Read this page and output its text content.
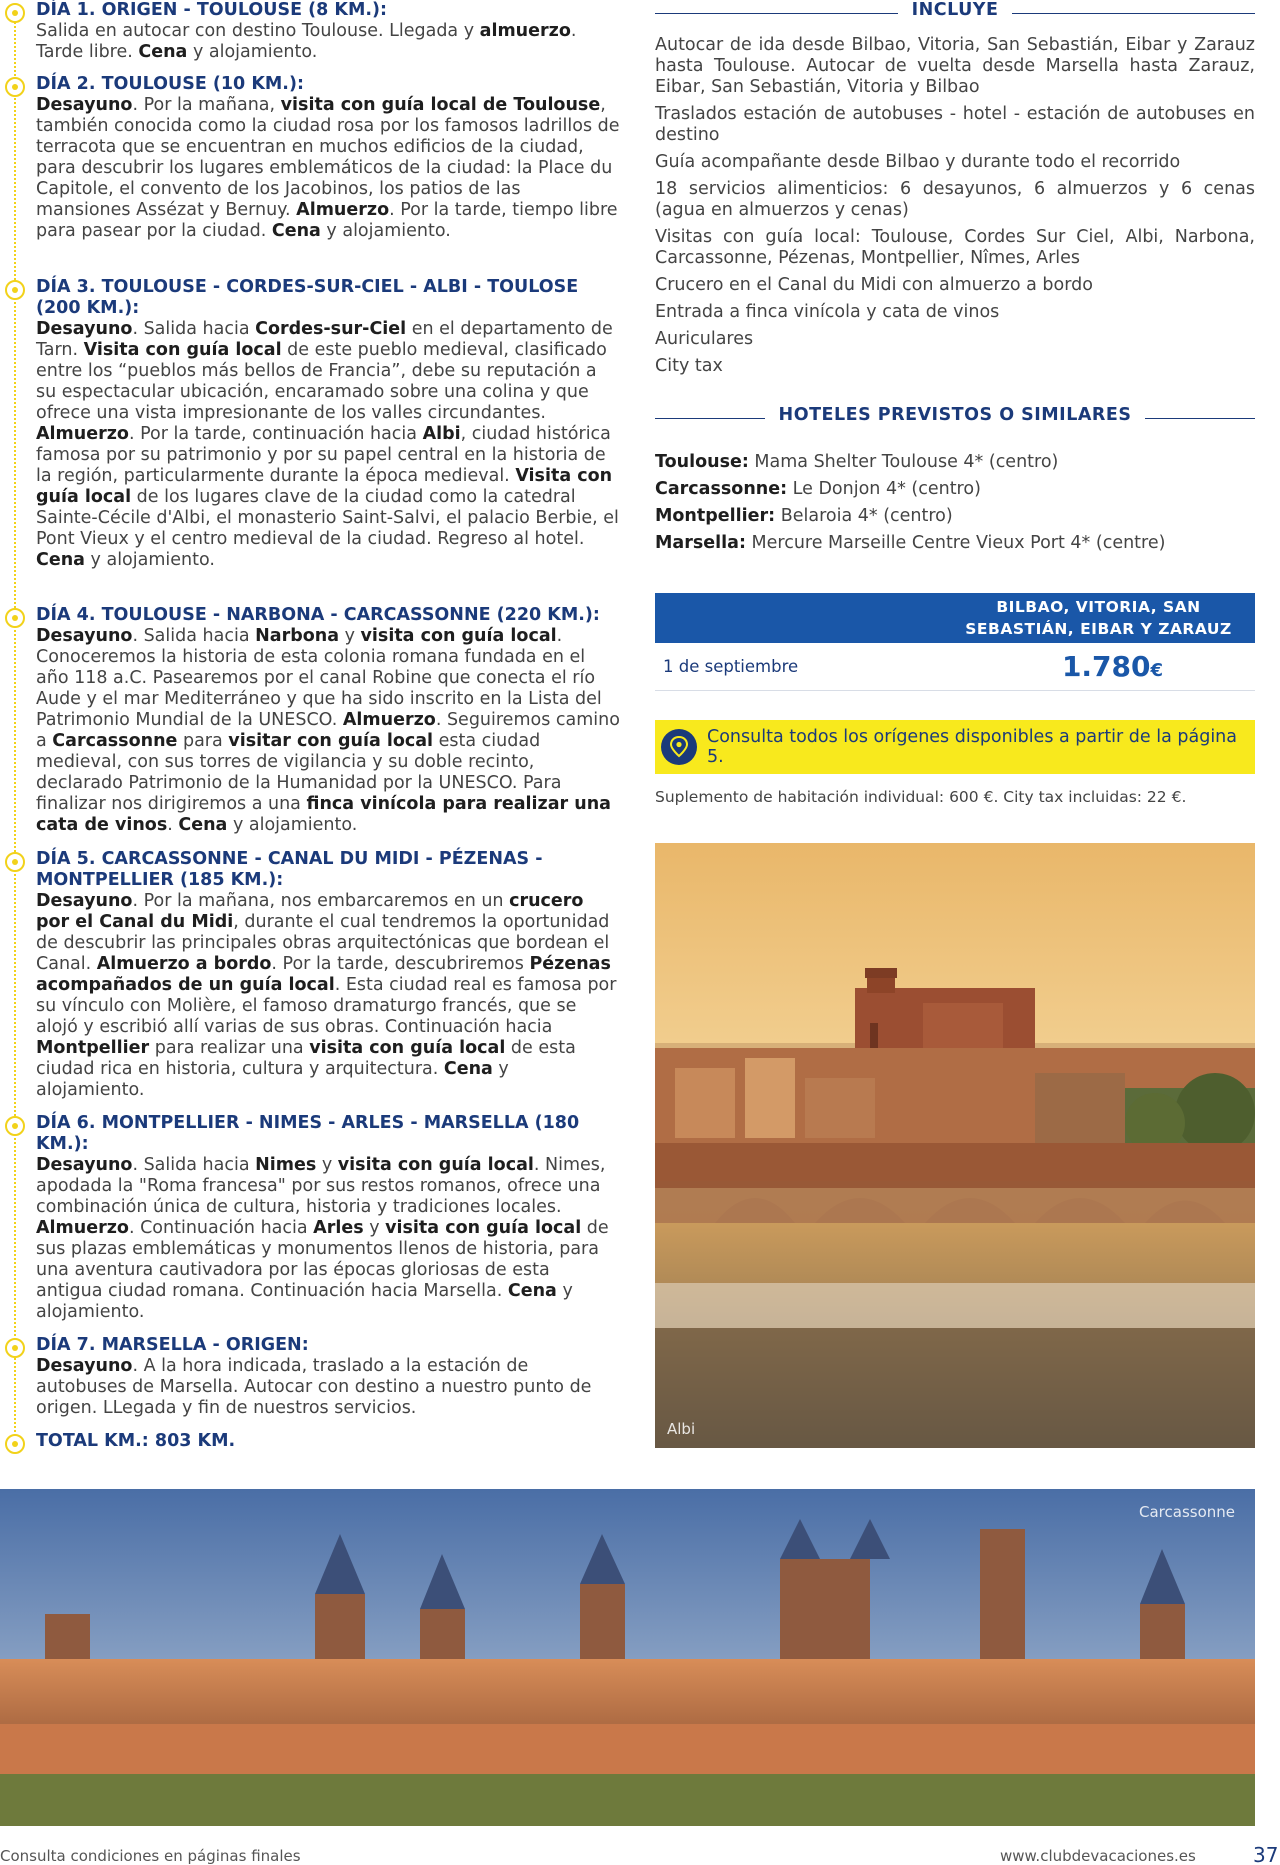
DÍA 1. ORIGEN - TOULOUSE (8 KM.):
Salida en autocar con destino Toulouse. Llegada y almuerzo. Tarde libre. Cena y alojamiento.
DÍA 2. TOULOUSE (10 KM.):
Desayuno. Por la mañana, visita con guía local de Toulouse, también conocida como la ciudad rosa por los famosos ladrillos de terracota que se encuentran en muchos edificios de la ciudad, para descubrir los lugares emblemáticos de la ciudad: la Place du Capitole, el convento de los Jacobinos, los patios de las mansiones Assézat y Bernuy. Almuerzo. Por la tarde, tiempo libre para pasear por la ciudad. Cena y alojamiento.
DÍA 3. TOULOUSE - CORDES-SUR-CIEL - ALBI - TOULOSE (200 KM.):
Desayuno. Salida hacia Cordes-sur-Ciel en el departamento de Tarn. Visita con guía local de este pueblo medieval, clasificado entre los “pueblos más bellos de Francia”, debe su reputación a su espectacular ubicación, encaramado sobre una colina y que ofrece una vista impresionante de los valles circundantes. Almuerzo. Por la tarde, continuación hacia Albi, ciudad histórica famosa por su patrimonio y por su papel central en la historia de la región, particularmente durante la época medieval. Visita con guía local de los lugares clave de la ciudad como la catedral Sainte-Cécile d'Albi, el monasterio Saint-Salvi, el palacio Berbie, el Pont Vieux y el centro medieval de la ciudad. Regreso al hotel. Cena y alojamiento.
DÍA 4. TOULOUSE - NARBONA - CARCASSONNE (220 KM.):
Desayuno. Salida hacia Narbona y visita con guía local. Conoceremos la historia de esta colonia romana fundada en el año 118 a.C. Pasearemos por el canal Robine que conecta el río Aude y el mar Mediterráneo y que ha sido inscrito en la Lista del Patrimonio Mundial de la UNESCO. Almuerzo. Seguiremos camino a Carcassonne para visitar con guía local esta ciudad medieval, con sus torres de vigilancia y su doble recinto, declarado Patrimonio de la Humanidad por la UNESCO. Para finalizar nos dirigiremos a una finca vinícola para realizar una cata de vinos. Cena y alojamiento.
DÍA 5. CARCASSONNE - CANAL DU MIDI - PÉZENAS - MONTPELLIER (185 KM.):
Desayuno. Por la mañana, nos embarcaremos en un crucero por el Canal du Midi, durante el cual tendremos la oportunidad de descubrir las principales obras arquitectónicas que bordean el Canal. Almuerzo a bordo. Por la tarde, descubriremos Pézenas acompañados de un guía local. Esta ciudad real es famosa por su vínculo con Molière, el famoso dramaturgo francés, que se alojó y escribió allí varias de sus obras. Continuación hacia Montpellier para realizar una visita con guía local de esta ciudad rica en historia, cultura y arquitectura. Cena y alojamiento.
DÍA 6. MONTPELLIER - NIMES - ARLES - MARSELLA (180 KM.):
Desayuno. Salida hacia Nimes y visita con guía local. Nimes, apodada la "Roma francesa" por sus restos romanos, ofrece una combinación única de cultura, historia y tradiciones locales. Almuerzo. Continuación hacia Arles y visita con guía local de sus plazas emblemáticas y monumentos llenos de historia, para una aventura cautivadora por las épocas gloriosas de esta antigua ciudad romana. Continuación hacia Marsella. Cena y alojamiento.
DÍA 7. MARSELLA - ORIGEN:
Desayuno. A la hora indicada, traslado a la estación de autobuses de Marsella. Autocar con destino a nuestro punto de origen. LLegada y fin de nuestros servicios.
TOTAL KM.: 803 KM.
INCLUYE
Autocar de ida desde Bilbao, Vitoria, San Sebastián, Eibar y Zarauz hasta Toulouse. Autocar de vuelta desde Marsella hasta Zarauz, Eibar, San Sebastián, Vitoria y Bilbao
Traslados estación de autobuses - hotel - estación de autobuses en destino
Guía acompañante desde Bilbao y durante todo el recorrido
18 servicios alimenticios: 6 desayunos, 6 almuerzos y 6 cenas (agua en almuerzos y cenas)
Visitas con guía local: Toulouse, Cordes Sur Ciel, Albi, Narbona, Carcassonne, Pézenas, Montpellier, Nîmes, Arles
Crucero en el Canal du Midi con almuerzo a bordo
Entrada a finca vinícola y cata de vinos
Auriculares
City tax
HOTELES PREVISTOS O SIMILARES
Toulouse: Mama Shelter Toulouse 4* (centro)
Carcassonne: Le Donjon 4* (centro)
Montpellier: Belaroia 4* (centro)
Marsella: Mercure Marseille Centre Vieux Port 4* (centre)
BILBAO, VITORIA, SAN SEBASTIÁN, EIBAR Y ZARAUZ
1 de septiembre	1.780€
Consulta todos los orígenes disponibles a partir de la página 5.
Suplemento de habitación individual: 600 €. City tax incluidas: 22 €.
Albi
Carcassonne
Consulta condiciones en páginas finales	www.clubdevacaciones.es	37
